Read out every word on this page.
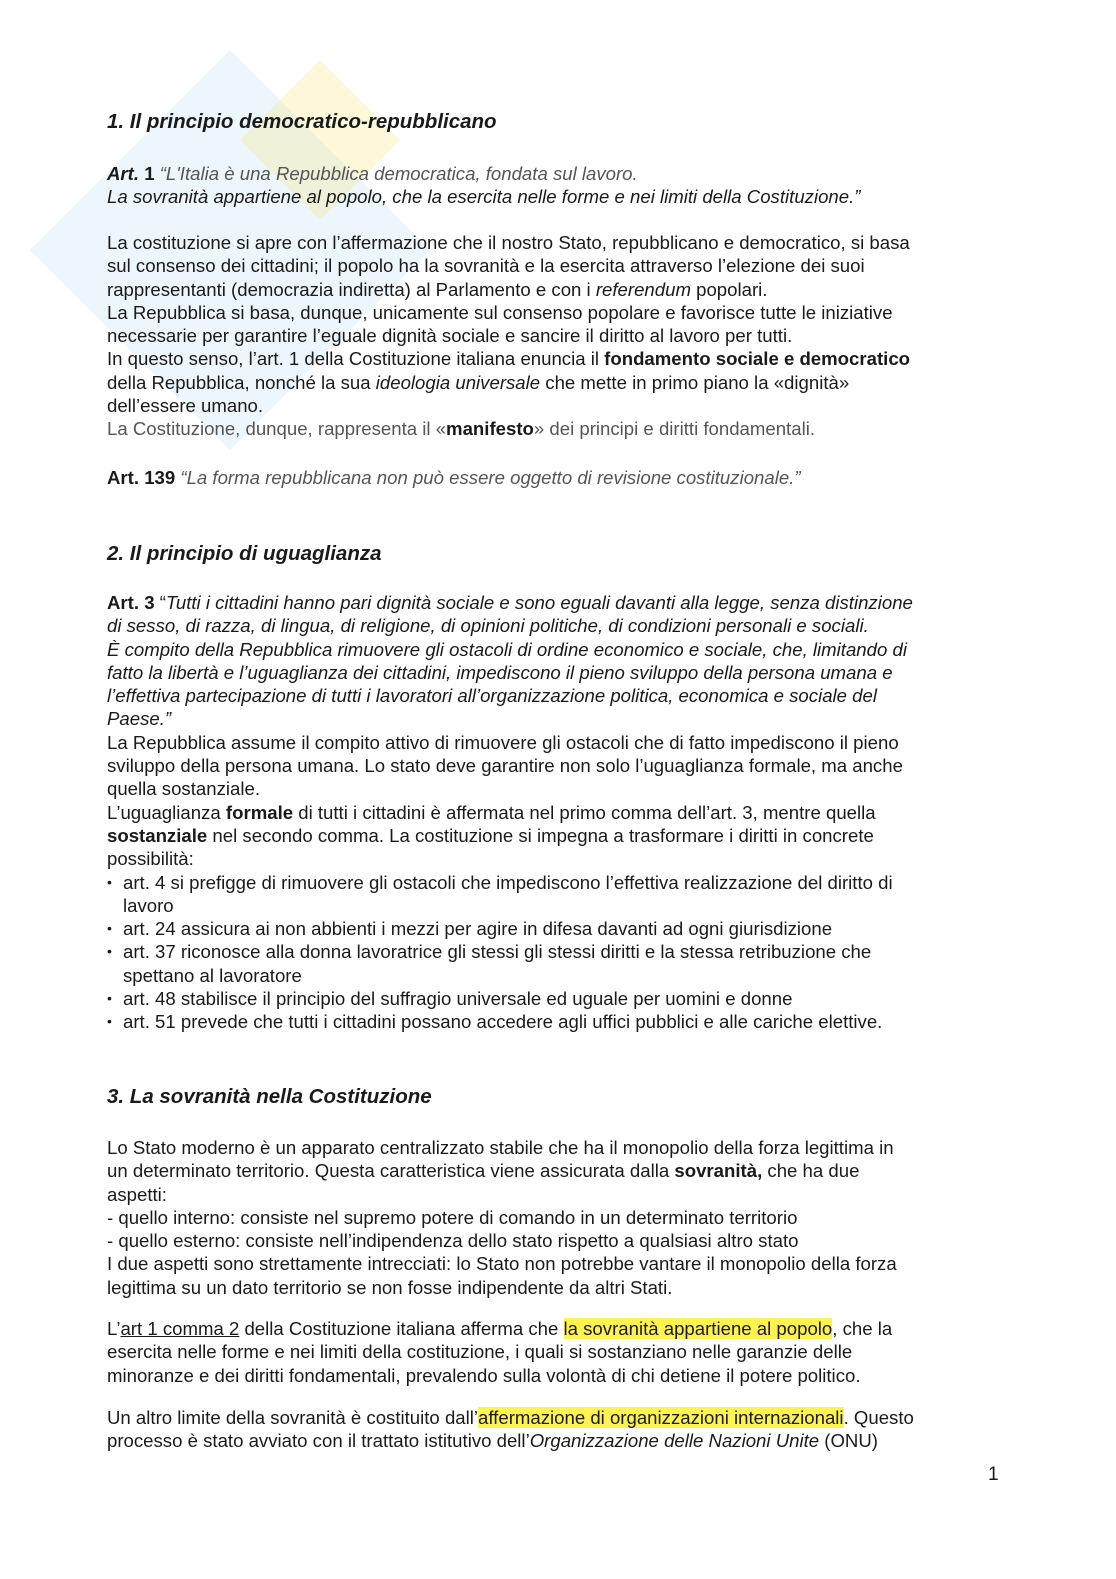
1. Il principio democratico-repubblicano
Art. 1 “L'Italia è una Repubblica democratica, fondata sul lavoro.
La sovranità appartiene al popolo, che la esercita nelle forme e nei limiti della Costituzione.”
La costituzione si apre con l’affermazione che il nostro Stato, repubblicano e democratico, si basa
sul consenso dei cittadini; il popolo ha la sovranità e la esercita attraverso l’elezione dei suoi
rappresentanti (democrazia indiretta) al Parlamento e con i referendum popolari.
La Repubblica si basa, dunque, unicamente sul consenso popolare e favorisce tutte le iniziative
necessarie per garantire l’eguale dignità sociale e sancire il diritto al lavoro per tutti.
In questo senso, l’art. 1 della Costituzione italiana enuncia il fondamento sociale e democratico
della Repubblica, nonché la sua ideologia universale che mette in primo piano la «dignità»
dell’essere umano.
La Costituzione, dunque, rappresenta il «manifesto» dei principi e diritti fondamentali.
Art. 139 “La forma repubblicana non può essere oggetto di revisione costituzionale.”
2. Il principio di uguaglianza
Art. 3 “Tutti i cittadini hanno pari dignità sociale e sono eguali davanti alla legge, senza distinzione
di sesso, di razza, di lingua, di religione, di opinioni politiche, di condizioni personali e sociali.
È compito della Repubblica rimuovere gli ostacoli di ordine economico e sociale, che, limitando di
fatto la libertà e l’uguaglianza dei cittadini, impediscono il pieno sviluppo della persona umana e
l’effettiva partecipazione di tutti i lavoratori all’organizzazione politica, economica e sociale del
Paese.”
La Repubblica assume il compito attivo di rimuovere gli ostacoli che di fatto impediscono il pieno
sviluppo della persona umana. Lo stato deve garantire non solo l’uguaglianza formale, ma anche
quella sostanziale.
L’uguaglianza formale di tutti i cittadini è affermata nel primo comma dell’art. 3, mentre quella
sostanziale nel secondo comma. La costituzione si impegna a trasformare i diritti in concrete
possibilità:
• art. 4 si prefigge di rimuovere gli ostacoli che impediscono l’effettiva realizzazione del diritto di
lavoro
• art. 24 assicura ai non abbienti i mezzi per agire in difesa davanti ad ogni giurisdizione
• art. 37 riconosce alla donna lavoratrice gli stessi gli stessi diritti e la stessa retribuzione che
spettano al lavoratore
• art. 48 stabilisce il principio del suffragio universale ed uguale per uomini e donne
• art. 51 prevede che tutti i cittadini possano accedere agli uffici pubblici e alle cariche elettive.
3. La sovranità nella Costituzione
Lo Stato moderno è un apparato centralizzato stabile che ha il monopolio della forza legittima in
un determinato territorio. Questa caratteristica viene assicurata dalla sovranità, che ha due
aspetti:
- quello interno: consiste nel supremo potere di comando in un determinato territorio
- quello esterno: consiste nell’indipendenza dello stato rispetto a qualsiasi altro stato
I due aspetti sono strettamente intrecciati: lo Stato non potrebbe vantare il monopolio della forza
legittima su un dato territorio se non fosse indipendente da altri Stati.
L’art 1 comma 2 della Costituzione italiana afferma che la sovranità appartiene al popolo, che la
esercita nelle forme e nei limiti della costituzione, i quali si sostanziano nelle garanzie delle
minoranze e dei diritti fondamentali, prevalendo sulla volontà di chi detiene il potere politico.
Un altro limite della sovranità è costituito dall’affermazione di organizzazioni internazionali. Questo
processo è stato avviato con il trattato istitutivo dell’Organizzazione delle Nazioni Unite (ONU)
1
